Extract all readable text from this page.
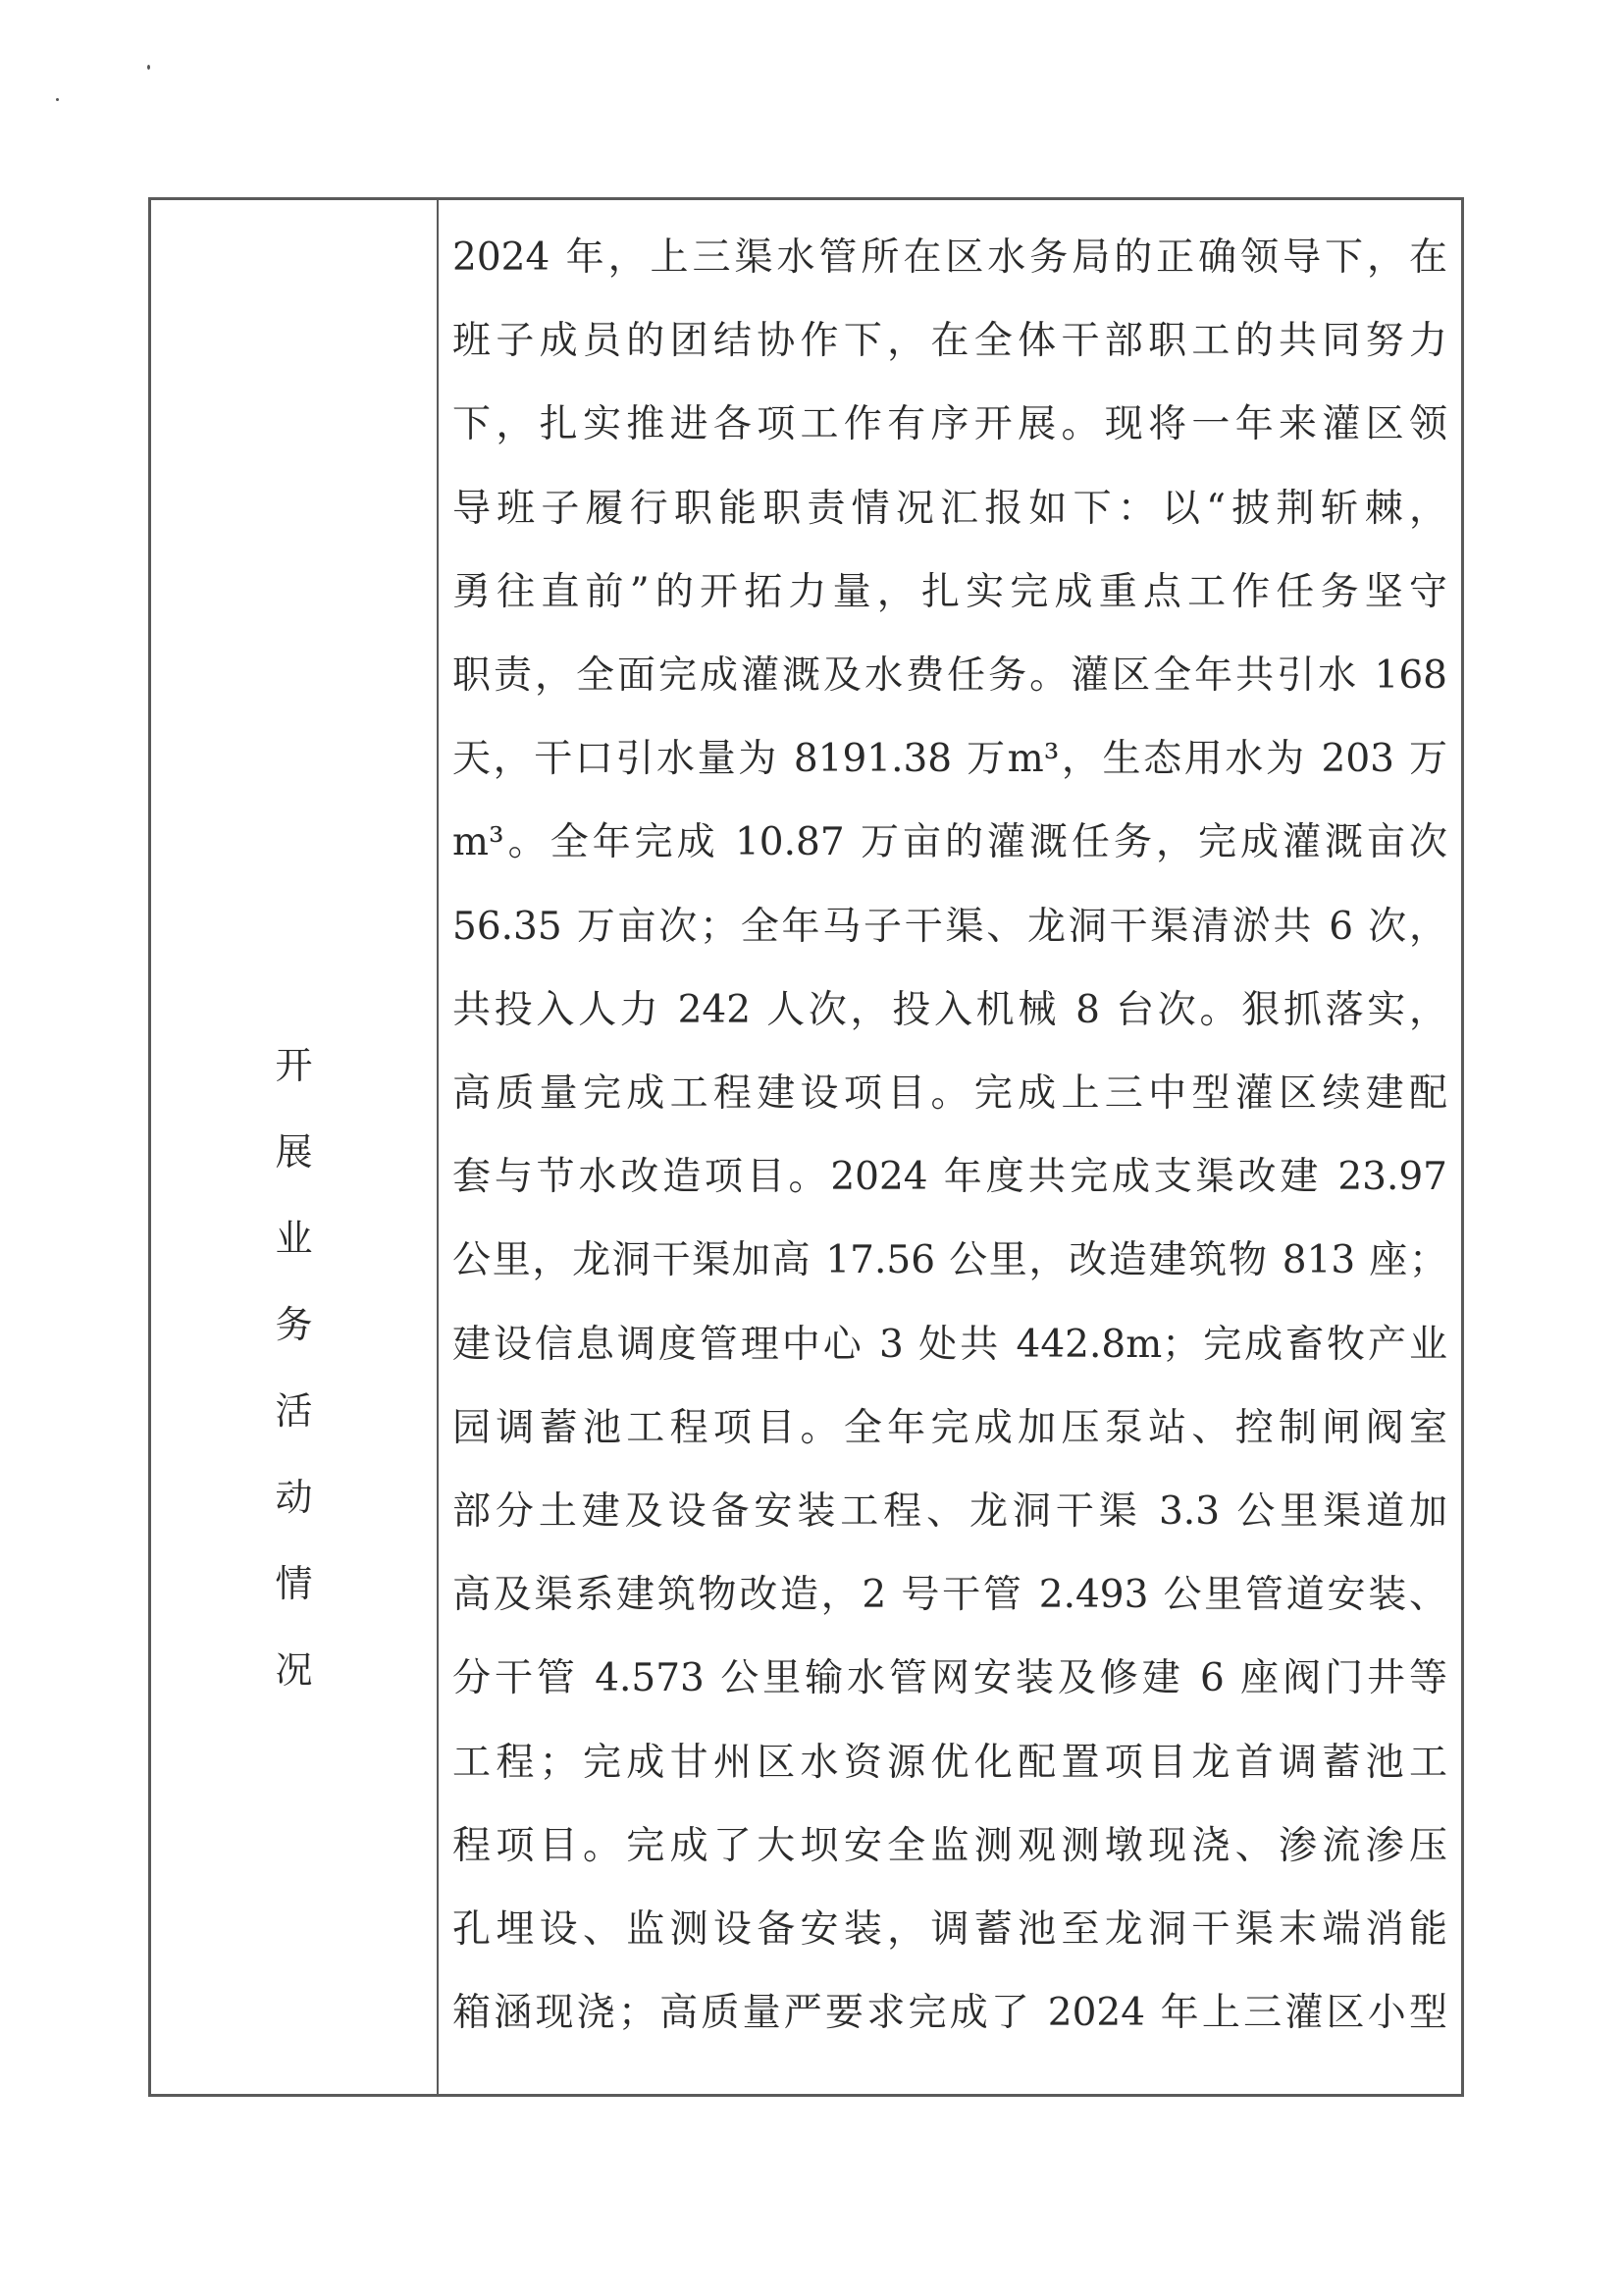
开
展
业
务
活
动
情
况
2024 年，上三渠水管所在区水务局的正确领导下，在
班子成员的团结协作下，在全体干部职工的共同努力
下，扎实推进各项工作有序开展。现将一年来灌区领
导班子履行职能职责情况汇报如下：以“披荆斩棘，
勇往直前”的开拓力量，扎实完成重点工作任务坚守
职责，全面完成灌溉及水费任务。灌区全年共引水 168
天，干口引水量为 8191.38 万m³，生态用水为 203 万
m³。全年完成 10.87 万亩的灌溉任务，完成灌溉亩次
56.35 万亩次；全年马子干渠、龙洞干渠清淤共 6 次，
共投入人力 242 人次，投入机械 8 台次。狠抓落实，
高质量完成工程建设项目。完成上三中型灌区续建配
套与节水改造项目。2024 年度共完成支渠改建 23.97
公里，龙洞干渠加高 17.56 公里，改造建筑物 813 座；
建设信息调度管理中心 3 处共 442.8m；完成畜牧产业
园调蓄池工程项目。全年完成加压泵站、控制闸阀室
部分土建及设备安装工程、龙洞干渠 3.3 公里渠道加
高及渠系建筑物改造，2 号干管 2.493 公里管道安装、
分干管 4.573 公里输水管网安装及修建 6 座阀门井等
工程；完成甘州区水资源优化配置项目龙首调蓄池工
程项目。完成了大坝安全监测观测墩现浇、渗流渗压
孔埋设、监测设备安装，调蓄池至龙洞干渠末端消能
箱涵现浇；高质量严要求完成了 2024 年上三灌区小型
